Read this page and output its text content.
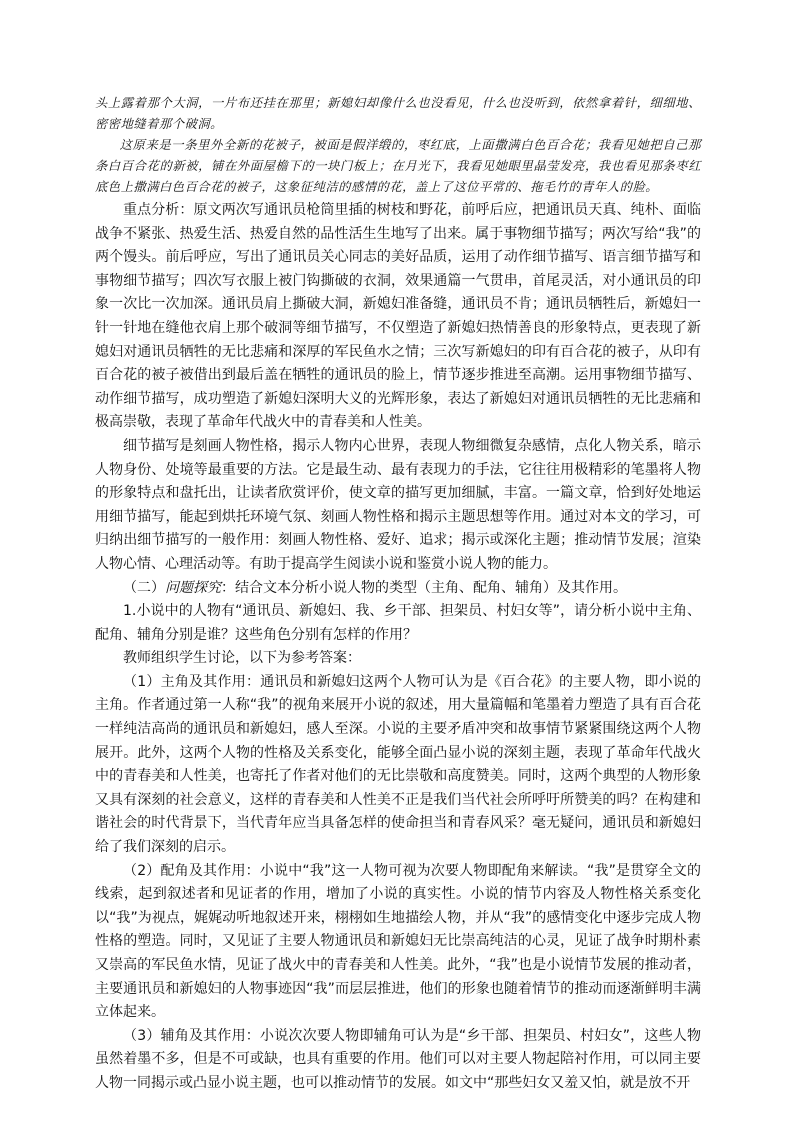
头上露着那个大洞，一片布还挂在那里；新媳妇却像什么也没看见，什么也没听到，依然拿着针，细细地、密密地缝着那个破洞。

这原来是一条里外全新的花被子，被面是假洋缎的，枣红底，上面撒满白色百合花；我看见她把自己那条白百合花的新被，铺在外面屋檐下的一块门板上；在月光下，我看见她眼里晶莹发亮，我也看见那条枣红底色上撒满白色百合花的被子，这象征纯洁的感情的花，盖上了这位平常的、拖毛竹的青年人的脸。

重点分析：原文两次写通讯员枪筒里插的树枝和野花，前呼后应，把通讯员天真、纯朴、面临战争不紧张、热爱生活、热爱自然的品性活生生地写了出来。属于事物细节描写；两次写给“我”的两个馒头。前后呼应，写出了通讯员关心同志的美好品质，运用了动作细节描写、语言细节描写和事物细节描写；四次写衣服上被门钩撕破的衣洞，效果通篇一气贯串，首尾灵活，对小通讯员的印象一次比一次加深。通讯员肩上撕破大洞，新媳妇准备缝，通讯员不肯；通讯员牺牲后，新媳妇一针一针地在缝他衣肩上那个破洞等细节描写，不仅塑造了新媳妇热情善良的形象特点，更表现了新媳妇对通讯员牺牲的无比悲痛和深厚的军民鱼水之情；三次写新媳妇的印有百合花的被子，从印有百合花的被子被借出到最后盖在牺牲的通讯员的脸上，情节逐步推进至高潮。运用事物细节描写、动作细节描写，成功塑造了新媳妇深明大义的光辉形象，表达了新媳妇对通讯员牺牲的无比悲痛和极高崇敬，表现了革命年代战火中的青春美和人性美。

细节描写是刻画人物性格，揭示人物内心世界，表现人物细微复杂感情，点化人物关系，暗示人物身份、处境等最重要的方法。它是最生动、最有表现力的手法，它往往用极精彩的笔墨将人物的形象特点和盘托出，让读者欣赏评价，使文章的描写更加细腻，丰富。一篇文章，恰到好处地运用细节描写，能起到烘托环境气氛、刻画人物性格和揭示主题思想等作用。通过对本文的学习，可归纳出细节描写的一般作用：刻画人物性格、爱好、追求；揭示或深化主题；推动情节发展；渲染人物心情、心理活动等。有助于提高学生阅读小说和鉴赏小说人物的能力。

（二）问题探究：结合文本分析小说人物的类型（主角、配角、辅角）及其作用。

1.小说中的人物有“通讯员、新媳妇、我、乡干部、担架员、村妇女等”，请分析小说中主角、配角、辅角分别是谁？这些角色分别有怎样的作用？

教师组织学生讨论，以下为参考答案：

（1）主角及其作用：通讯员和新媳妇这两个人物可认为是《百合花》的主要人物，即小说的主角。作者通过第一人称“我”的视角来展开小说的叙述，用大量篇幅和笔墨着力塑造了具有百合花一样纯洁高尚的通讯员和新媳妇，感人至深。小说的主要矛盾冲突和故事情节紧紧围绕这两个人物展开。此外，这两个人物的性格及关系变化，能够全面凸显小说的深刻主题，表现了革命年代战火中的青春美和人性美，也寄托了作者对他们的无比崇敬和高度赞美。同时，这两个典型的人物形象又具有深刻的社会意义，这样的青春美和人性美不正是我们当代社会所呼吁所赞美的吗？在构建和谐社会的时代背景下，当代青年应当具备怎样的使命担当和青春风采？毫无疑问，通讯员和新媳妇给了我们深刻的启示。

（2）配角及其作用：小说中“我”这一人物可视为次要人物即配角来解读。“我”是贯穿全文的线索，起到叙述者和见证者的作用，增加了小说的真实性。小说的情节内容及人物性格关系变化以“我”为视点，娓娓动听地叙述开来，栩栩如生地描绘人物，并从“我”的感情变化中逐步完成人物性格的塑造。同时，又见证了主要人物通讯员和新媳妇无比崇高纯洁的心灵，见证了战争时期朴素又崇高的军民鱼水情，见证了战火中的青春美和人性美。此外，“我”也是小说情节发展的推动者，主要通讯员和新媳妇的人物事迹因“我”而层层推进，他们的形象也随着情节的推动而逐渐鲜明丰满立体起来。

（3）辅角及其作用：小说次次要人物即辅角可认为是“乡干部、担架员、村妇女”，这些人物虽然着墨不多，但是不可或缺，也具有重要的作用。他们可以对主要人物起陪衬作用，可以同主要人物一同揭示或凸显小说主题，也可以推动情节的发展。如文中“那些妇女又羞又怕，就是放不开
